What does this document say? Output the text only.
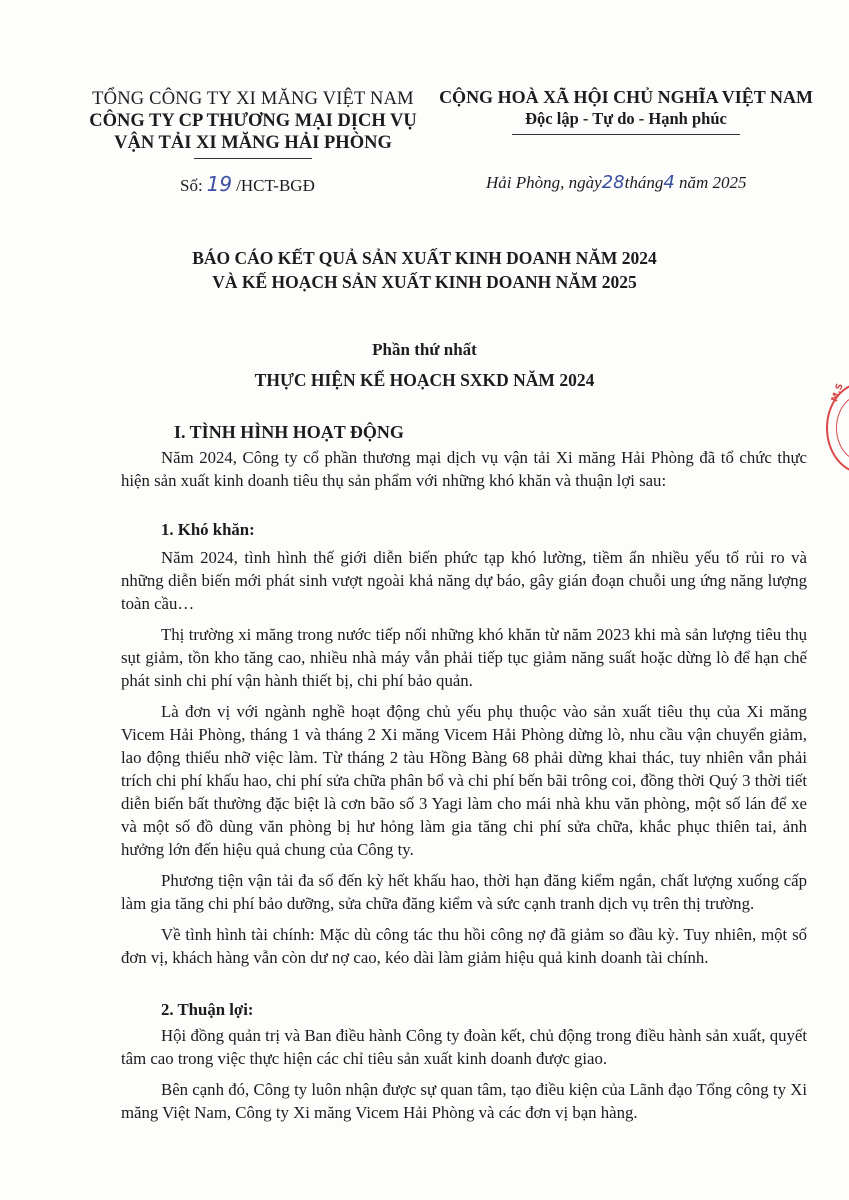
TỔNG CÔNG TY XI MĂNG VIỆT NAM
CÔNG TY CP THƯƠNG MẠI DỊCH VỤ
VẬN TẢI XI MĂNG HẢI PHÒNG
CỘNG HOÀ XÃ HỘI CHỦ NGHĨA VIỆT NAM
Độc lập - Tự do - Hạnh phúc
Số: 19 /HCT-BGĐ	Hải Phòng, ngày28tháng4 năm 2025
BÁO CÁO KẾT QUẢ SẢN XUẤT KINH DOANH NĂM 2024
VÀ KẾ HOẠCH SẢN XUẤT KINH DOANH NĂM 2025
Phần thứ nhất
THỰC HIỆN KẾ HOẠCH SXKD NĂM 2024
I. TÌNH HÌNH HOẠT ĐỘNG

Năm 2024, Công ty cổ phần thương mại dịch vụ vận tải Xi măng Hải Phòng đã tổ chức thực hiện sản xuất kinh doanh tiêu thụ sản phẩm với những khó khăn và thuận lợi sau:

1. Khó khăn:

Năm 2024, tình hình thế giới diễn biến phức tạp khó lường, tiềm ẩn nhiều yếu tố rủi ro và những diễn biến mới phát sinh vượt ngoài khả năng dự báo, gây gián đoạn chuỗi ung ứng năng lượng toàn cầu…

Thị trường xi măng trong nước tiếp nối những khó khăn từ năm 2023 khi mà sản lượng tiêu thụ sụt giảm, tồn kho tăng cao, nhiều nhà máy vẫn phải tiếp tục giảm năng suất hoặc dừng lò để hạn chế phát sinh chi phí vận hành thiết bị, chi phí bảo quản.

Là đơn vị với ngành nghề hoạt động chủ yếu phụ thuộc vào sản xuất tiêu thụ của Xi măng Vicem Hải Phòng, tháng 1 và tháng 2 Xi măng Vicem Hải Phòng dừng lò, nhu cầu vận chuyển giảm, lao động thiếu nhỡ việc làm. Từ tháng 2 tàu Hồng Bàng 68 phải dừng khai thác, tuy nhiên vẫn phải trích chi phí khấu hao, chi phí sửa chữa phân bổ và chi phí bến bãi trông coi, đồng thời Quý 3 thời tiết diễn biến bất thường đặc biệt là cơn bão số 3 Yagi làm cho mái nhà khu văn phòng, một số lán để xe và một số đồ dùng văn phòng bị hư hỏng làm gia tăng chi phí sửa chữa, khắc phục thiên tai, ảnh hưởng lớn đến hiệu quả chung của Công ty.

Phương tiện vận tải đa số đến kỳ hết khấu hao, thời hạn đăng kiểm ngắn, chất lượng xuống cấp làm gia tăng chi phí bảo dưỡng, sửa chữa đăng kiểm và sức cạnh tranh dịch vụ trên thị trường.

Về tình hình tài chính: Mặc dù công tác thu hồi công nợ đã giảm so đầu kỳ. Tuy nhiên, một số đơn vị, khách hàng vẫn còn dư nợ cao, kéo dài làm giảm hiệu quả kinh doanh tài chính.

2. Thuận lợi:

Hội đồng quản trị và Ban điều hành Công ty đoàn kết, chủ động trong điều hành sản xuất, quyết tâm cao trong việc thực hiện các chỉ tiêu sản xuất kinh doanh được giao.

Bên cạnh đó, Công ty luôn nhận được sự quan tâm, tạo điều kiện của Lãnh đạo Tổng công ty Xi măng Việt Nam, Công ty Xi măng Vicem Hải Phòng và các đơn vị bạn hàng.

M.S
